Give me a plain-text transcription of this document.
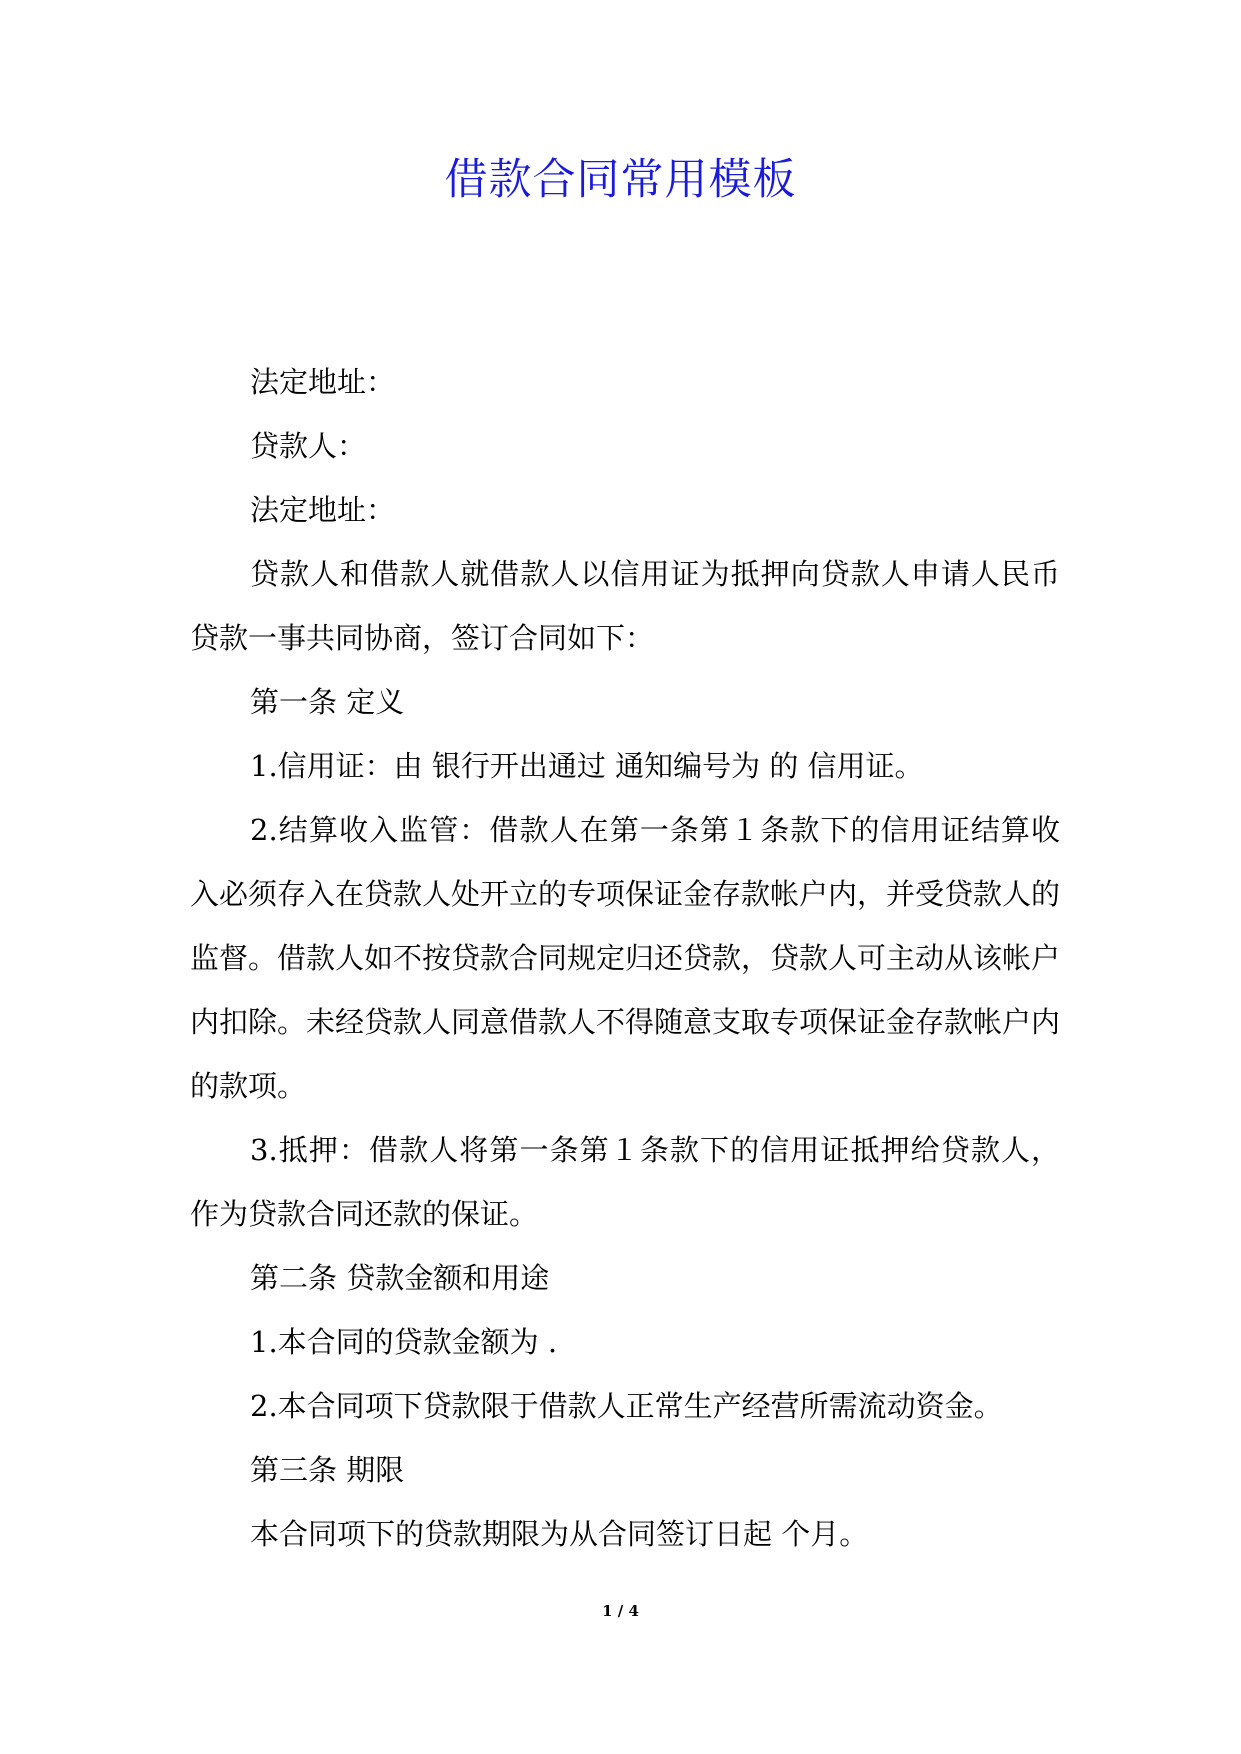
借款合同常用模板

法定地址：

贷款人：

法定地址：

贷款人和借款人就借款人以信用证为抵押向贷款人申请人民币贷款一事共同协商，签订合同如下：

第一条 定义

1.信用证：由 银行开出通过 通知编号为 的 信用证。

2.结算收入监管：借款人在第一条第１条款下的信用证结算收入必须存入在贷款人处开立的专项保证金存款帐户内，并受贷款人的监督。借款人如不按贷款合同规定归还贷款，贷款人可主动从该帐户内扣除。未经贷款人同意借款人不得随意支取专项保证金存款帐户内的款项。

3.抵押：借款人将第一条第１条款下的信用证抵押给贷款人，作为贷款合同还款的保证。

第二条 贷款金额和用途

1.本合同的贷款金额为 .

2.本合同项下贷款限于借款人正常生产经营所需流动资金。

第三条 期限

本合同项下的贷款期限为从合同签订日起 个月。

1 / 4
